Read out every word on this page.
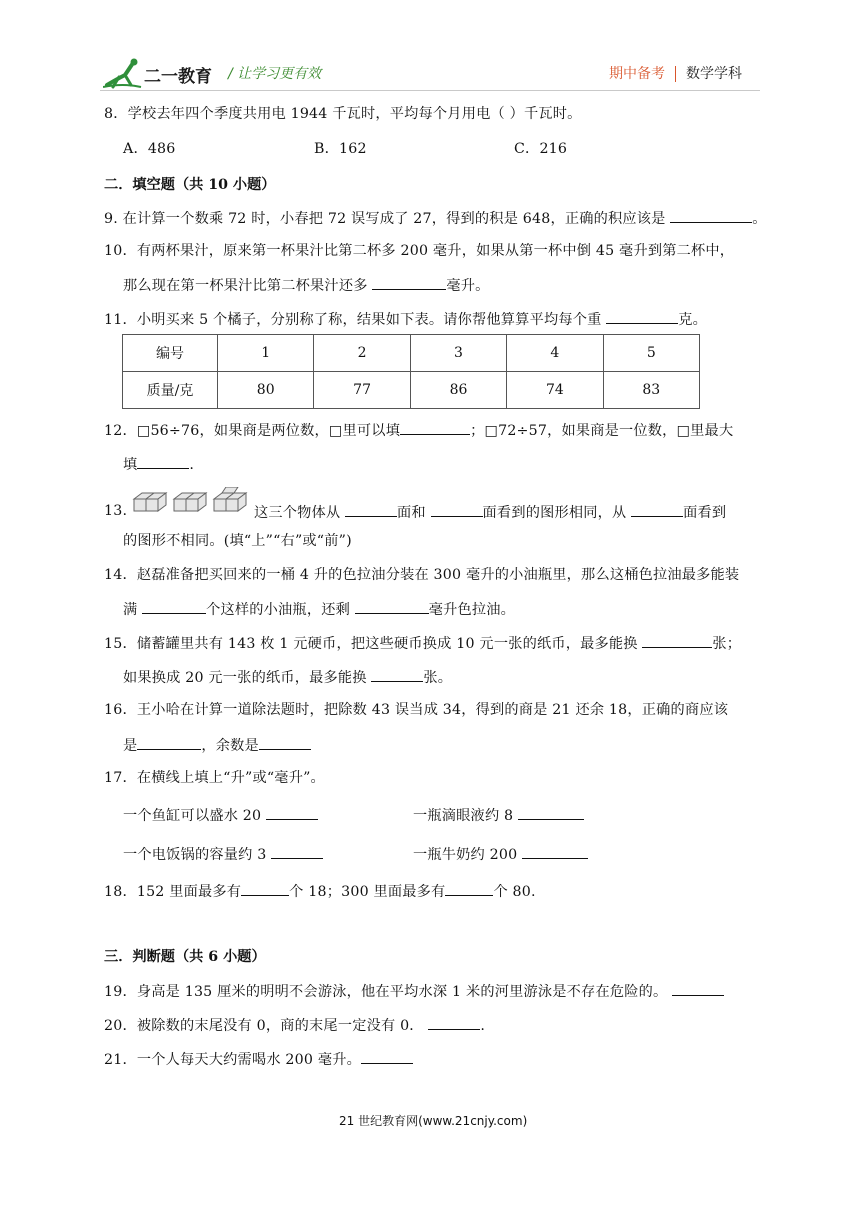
二一教育 / 让学习更有效	期中备考 数学学科
8．学校去年四个季度共用电 1944 千瓦时，平均每个月用电（ ）千瓦时。
A．486	B．162	C．216
二．填空题（共 10 小题）
9. 在计算一个数乘 72 时，小春把 72 误写成了 27，得到的积是 648，正确的积应该是	。
10．有两杯果汁，原来第一杯果汁比第二杯多 200 毫升，如果从第一杯中倒 45 毫升到第二杯中，
那么现在第一杯果汁比第二杯果汁还多	毫升。
11．小明买来 5 个橘子，分别称了称，结果如下表。请你帮他算算平均每个重	克。
编号	1	2	3	4	5
质量/克	80	77	86	74	83
12．□56÷76，如果商是两位数，□里可以填	；□72÷57，如果商是一位数，□里最大
填	.
13.	这三个物体从	面和	面看到的图形相同，从	面看到
的图形不相同。(填“上”“右”或“前”)
14．赵磊准备把买回来的一桶 4 升的色拉油分装在 300 毫升的小油瓶里，那么这桶色拉油最多能装
满	个这样的小油瓶，还剩	毫升色拉油。
15．储蓄罐里共有 143 枚 1 元硬币，把这些硬币换成 10 元一张的纸币，最多能换	张；
如果换成 20 元一张的纸币，最多能换	张。
16．王小哈在计算一道除法题时，把除数 43 误当成 34，得到的商是 21 还余 18，正确的商应该
是	，余数是
17．在横线上填上“升”或“毫升”。
一个鱼缸可以盛水 20	一瓶滴眼液约 8
一个电饭锅的容量约 3	一瓶牛奶约 200
18．152 里面最多有	个 18；300 里面最多有	个 80.
三．判断题（共 6 小题）
19．身高是 135 厘米的明明不会游泳，他在平均水深 1 米的河里游泳是不存在危险的。
20．被除数的末尾没有 0，商的末尾一定没有 0．	.
21．一个人每天大约需喝水 200 毫升。
21 世纪教育网(www.21cnjy.com)
